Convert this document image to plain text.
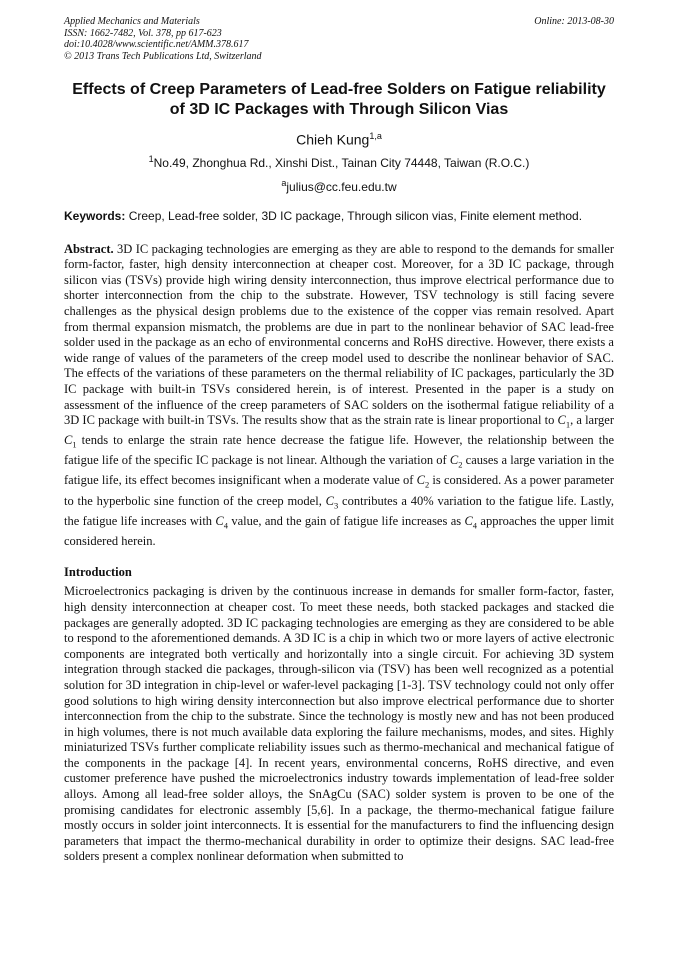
Applied Mechanics and Materials
ISSN: 1662-7482, Vol. 378, pp 617-623
doi:10.4028/www.scientific.net/AMM.378.617
© 2013 Trans Tech Publications Ltd, Switzerland
Online: 2013-08-30
Effects of Creep Parameters of Lead-free Solders on Fatigue reliability of 3D IC Packages with Through Silicon Vias
Chieh Kung$^{1,a}$
$^1$No.49, Zhonghua Rd., Xinshi Dist., Tainan City 74448, Taiwan (R.O.C.)
$^a$julius@cc.feu.edu.tw
Keywords: Creep, Lead-free solder, 3D IC package, Through silicon vias, Finite element method.

Abstract. 3D IC packaging technologies are emerging as they are able to respond to the demands for smaller form-factor, faster, high density interconnection at cheaper cost. Moreover, for a 3D IC package, through silicon vias (TSVs) provide high wiring density interconnection, thus improve electrical performance due to shorter interconnection from the chip to the substrate. However, TSV technology is still facing severe challenges as the physical design problems due to the existence of the copper vias remain resolved. Apart from thermal expansion mismatch, the problems are due in part to the nonlinear behavior of SAC lead-free solder used in the package as an echo of environmental concerns and RoHS directive. However, there exists a wide range of values of the parameters of the creep model used to describe the nonlinear behavior of SAC. The effects of the variations of these parameters on the thermal reliability of IC packages, particularly the 3D IC package with built-in TSVs considered herein, is of interest. Presented in the paper is a study on assessment of the influence of the creep parameters of SAC solders on the isothermal fatigue reliability of a 3D IC package with built-in TSVs. The results show that as the strain rate is linear proportional to $C_1$, a larger $C_1$ tends to enlarge the strain rate hence decrease the fatigue life. However, the relationship between the fatigue life of the specific IC package is not linear. Although the variation of $C_2$ causes a large variation in the fatigue life, its effect becomes insignificant when a moderate value of $C_2$ is considered. As a power parameter to the hyperbolic sine function of the creep model, $C_3$ contributes a 40% variation to the fatigue life. Lastly, the fatigue life increases with $C_4$ value, and the gain of fatigue life increases as $C_4$ approaches the upper limit considered herein.

Introduction

Microelectronics packaging is driven by the continuous increase in demands for smaller form-factor, faster, high density interconnection at cheaper cost. To meet these needs, both stacked packages and stacked die packages are generally adopted. 3D IC packaging technologies are emerging as they are considered to be able to respond to the aforementioned demands. A 3D IC is a chip in which two or more layers of active electronic components are integrated both vertically and horizontally into a single circuit. For achieving 3D system integration through stacked die packages, through-silicon via (TSV) has been well recognized as a potential solution for 3D integration in chip-level or wafer-level packaging [1-3]. TSV technology could not only offer good solutions to high wiring density interconnection but also improve electrical performance due to shorter interconnection from the chip to the substrate. Since the technology is mostly new and has not been produced in high volumes, there is not much available data exploring the failure mechanisms, modes, and sites. Highly miniaturized TSVs further complicate reliability issues such as thermo-mechanical and mechanical fatigue of the components in the package [4]. In recent years, environmental concerns, RoHS directive, and even customer preference have pushed the microelectronics industry towards implementation of lead-free solder alloys. Among all lead-free solder alloys, the SnAgCu (SAC) solder system is proven to be one of the promising candidates for electronic assembly [5,6]. In a package, the thermo-mechanical fatigue failure mostly occurs in solder joint interconnects. It is essential for the manufacturers to find the influencing design parameters that impact the thermo-mechanical durability in order to optimize their designs. SAC lead-free solders present a complex nonlinear deformation when submitted to
